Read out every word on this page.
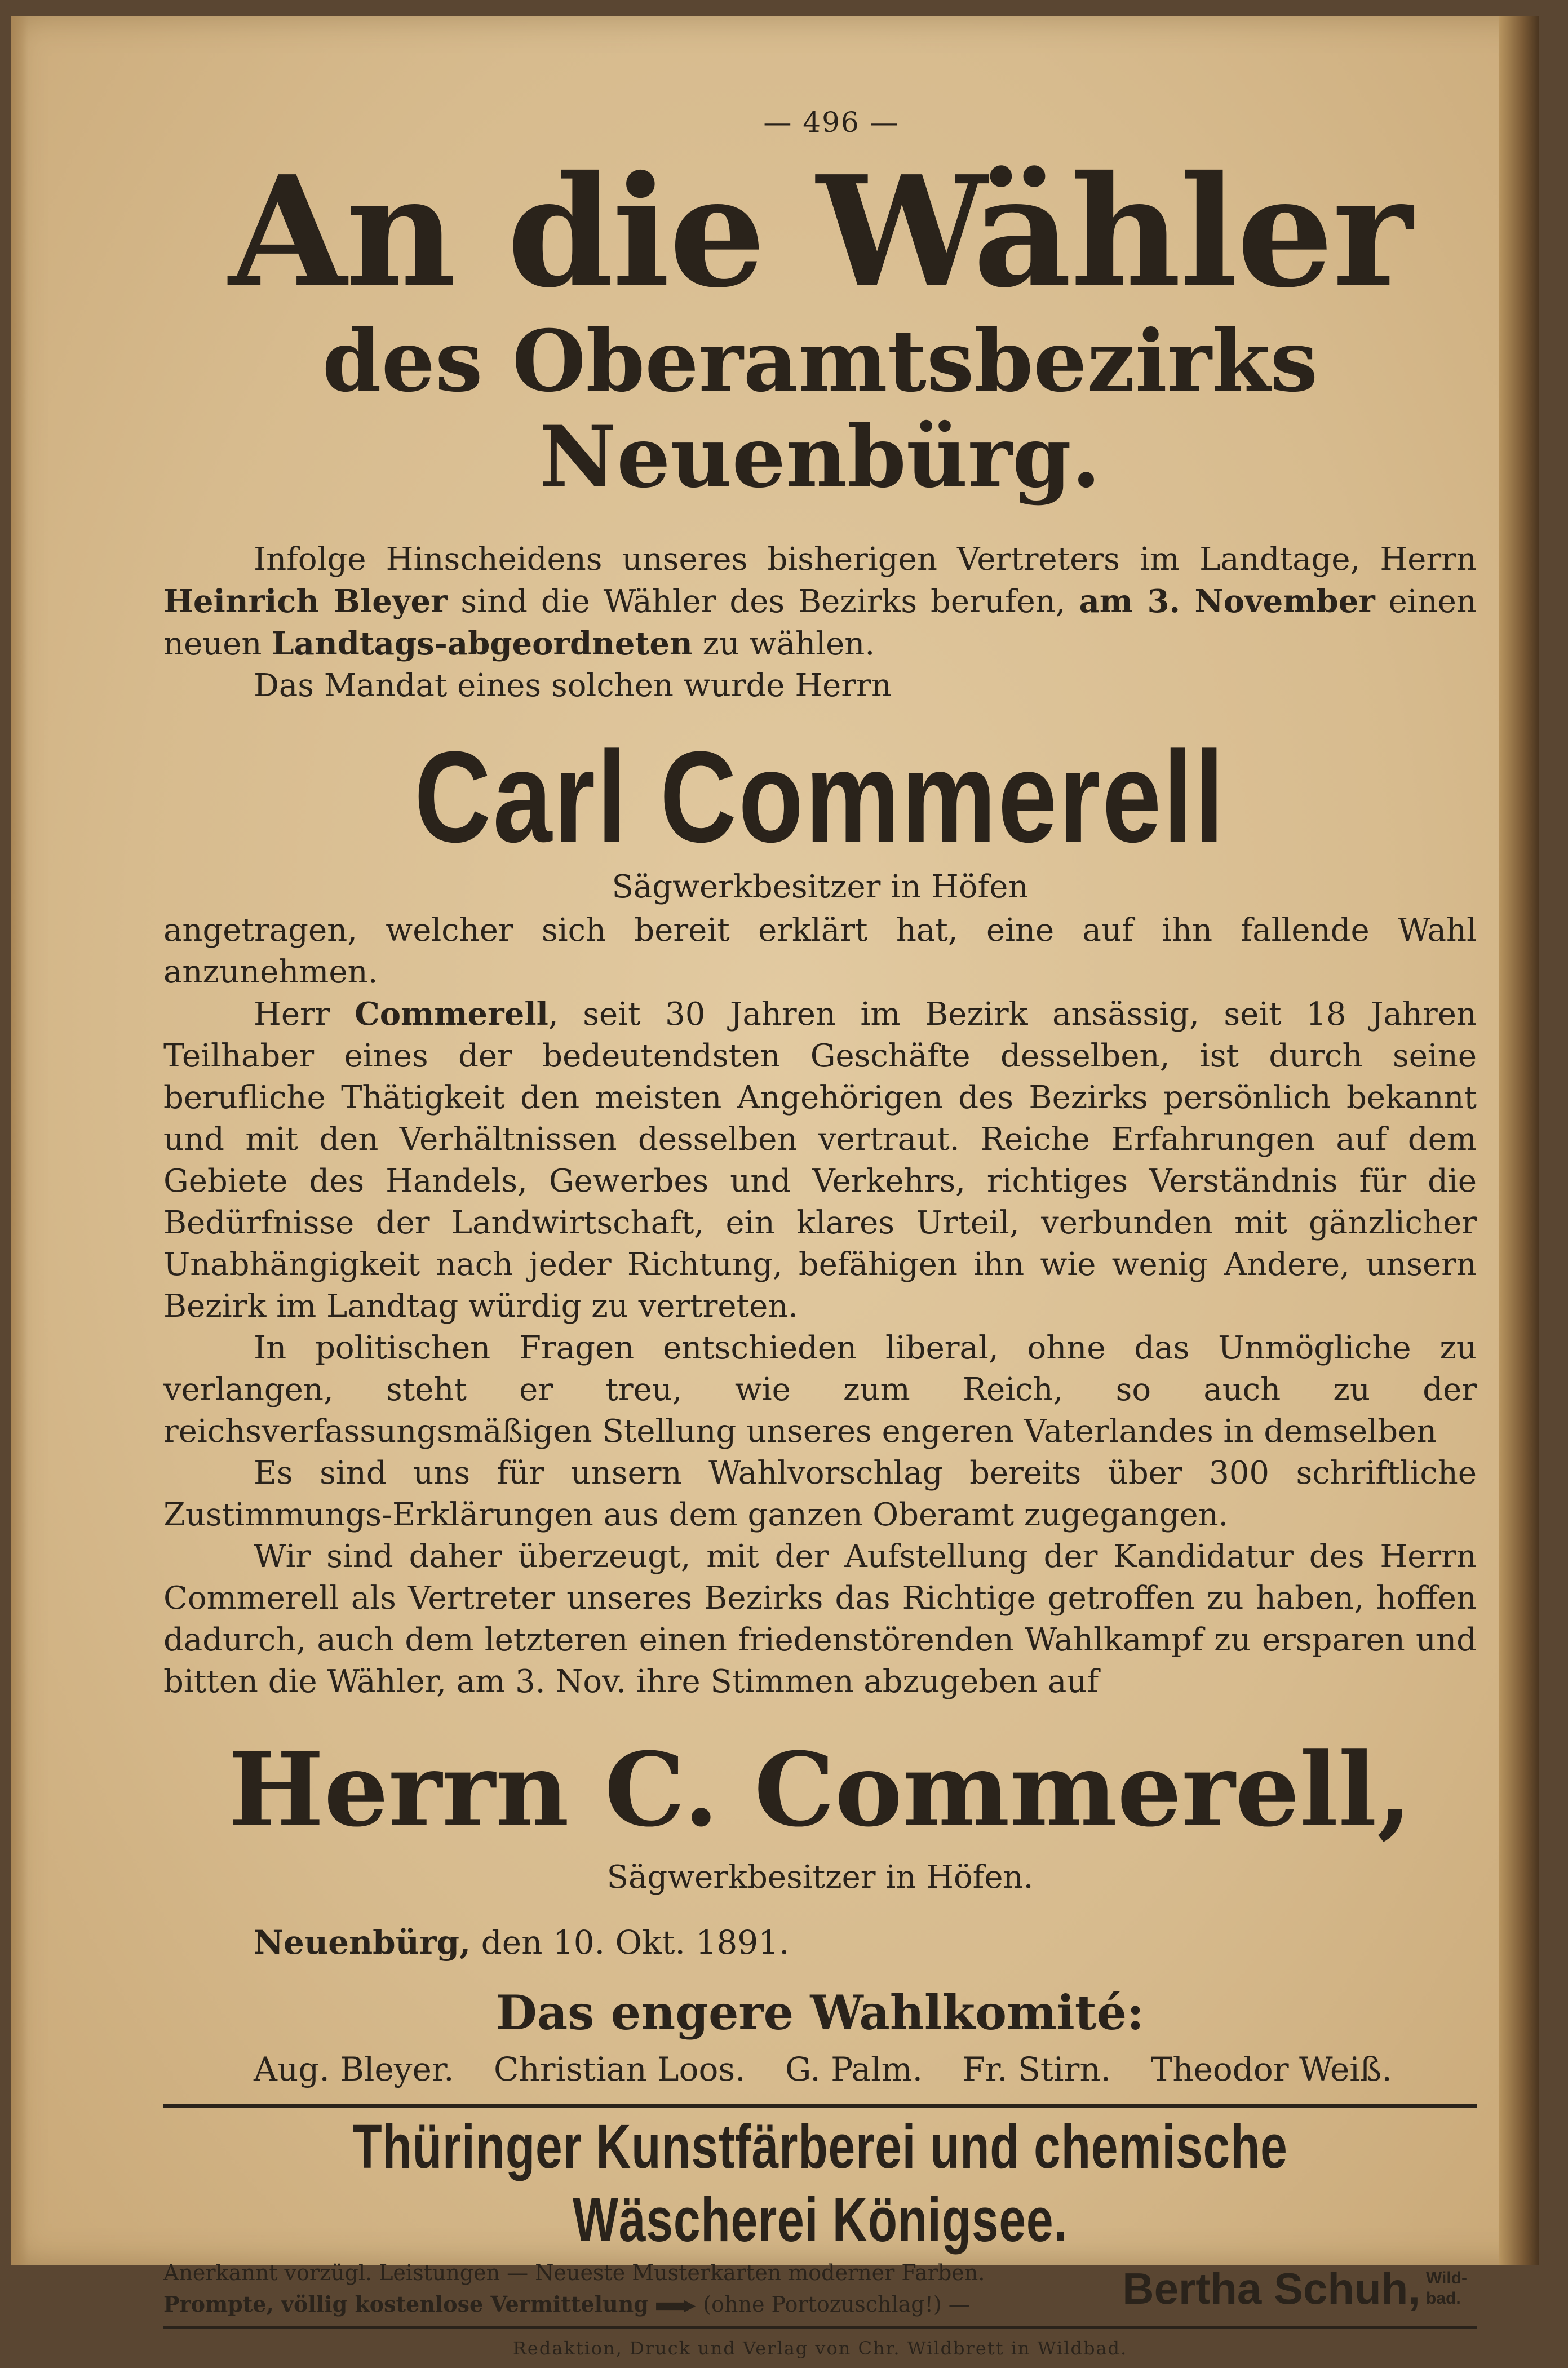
— 496 —
An die Wähler
des Oberamtsbezirks Neuenbürg.

Infolge Hinscheidens unseres bisherigen Vertreters im Landtage, Herrn Heinrich Bleyer sind die Wähler des Bezirks berufen, am 3. November einen neuen Landtags-abgeordneten zu wählen.

Das Mandat eines solchen wurde Herrn

Carl Commerell
Sägwerkbesitzer in Höfen

angetragen, welcher sich bereit erklärt hat, eine auf ihn fallende Wahl anzunehmen.

Herr Commerell, seit 30 Jahren im Bezirk ansässig, seit 18 Jahren Teilhaber eines der bedeutendsten Geschäfte desselben, ist durch seine berufliche Thätigkeit den meisten Angehörigen des Bezirks persönlich bekannt und mit den Verhältnissen desselben vertraut. Reiche Erfahrungen auf dem Gebiete des Handels, Gewerbes und Verkehrs, richtiges Verständnis für die Bedürfnisse der Landwirtschaft, ein klares Urteil, verbunden mit gänzlicher Unabhängigkeit nach jeder Richtung, befähigen ihn wie wenig Andere, unsern Bezirk im Landtag würdig zu vertreten.

In politischen Fragen entschieden liberal, ohne das Unmögliche zu verlangen, steht er treu, wie zum Reich, so auch zu der reichsverfassungsmäßigen Stellung unseres engeren Vaterlandes in demselben

Es sind uns für unsern Wahlvorschlag bereits über 300 schriftliche Zustimmungs-Erklärungen aus dem ganzen Oberamt zugegangen.

Wir sind daher überzeugt, mit der Aufstellung der Kandidatur des Herrn Commerell als Vertreter unseres Bezirks das Richtige getroffen zu haben, hoffen dadurch, auch dem letzteren einen friedenstörenden Wahlkampf zu ersparen und bitten die Wähler, am 3. Nov. ihre Stimmen abzugeben auf

Herrn C. Commerell,
Sägwerkbesitzer in Höfen.
Neuenbürg, den 10. Okt. 1891.
Das engere Wahlkomité:
Aug. Bleyer. Christian Loos. G. Palm. Fr. Stirn. Theodor Weiß.
Thüringer Kunstfärberei und chemische Wäscherei Königsee.
Anerkannt vorzügl. Leistungen — Neueste Musterkarten moderner Farben.
Prompte, völlig kostenlose Vermittelung	(ohne Portozuschlag!) —	Bertha Schuh, Wild-bad.
Redaktion, Druck und Verlag von Chr. Wildbrett in Wildbad.
